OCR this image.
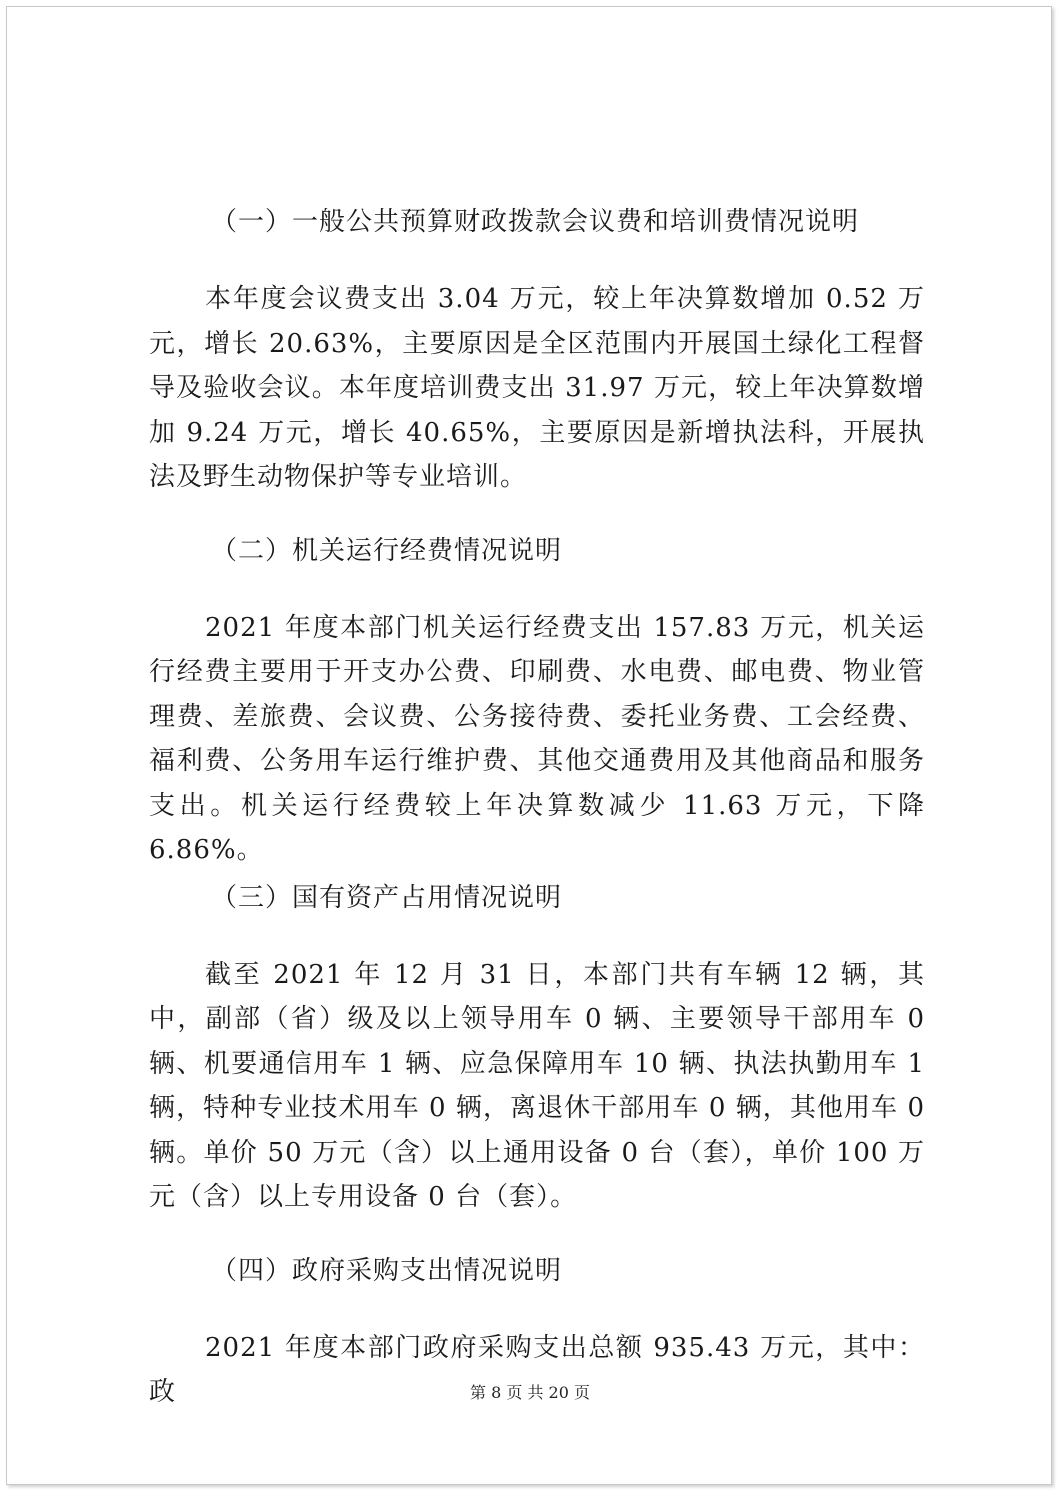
（一）一般公共预算财政拨款会议费和培训费情况说明

本年度会议费支出 3.04 万元，较上年决算数增加 0.52 万元，增长 20.63%，主要原因是全区范围内开展国土绿化工程督导及验收会议。本年度培训费支出 31.97 万元，较上年决算数增加 9.24 万元，增长 40.65%，主要原因是新增执法科，开展执法及野生动物保护等专业培训。

（二）机关运行经费情况说明

2021 年度本部门机关运行经费支出 157.83 万元，机关运行经费主要用于开支办公费、印刷费、水电费、邮电费、物业管理费、差旅费、会议费、公务接待费、委托业务费、工会经费、福利费、公务用车运行维护费、其他交通费用及其他商品和服务支出。机关运行经费较上年决算数减少 11.63 万元，下降 6.86%。

（三）国有资产占用情况说明

截至 2021 年 12 月 31 日，本部门共有车辆 12 辆，其中，副部（省）级及以上领导用车 0 辆、主要领导干部用车 0 辆、机要通信用车 1 辆、应急保障用车 10 辆、执法执勤用车 1 辆，特种专业技术用车 0 辆，离退休干部用车 0 辆，其他用车 0 辆。单价 50 万元（含）以上通用设备 0 台（套），单价 100 万元（含）以上专用设备 0 台（套）。

（四）政府采购支出情况说明

2021 年度本部门政府采购支出总额 935.43 万元，其中：政	第 8 页 共 20 页
